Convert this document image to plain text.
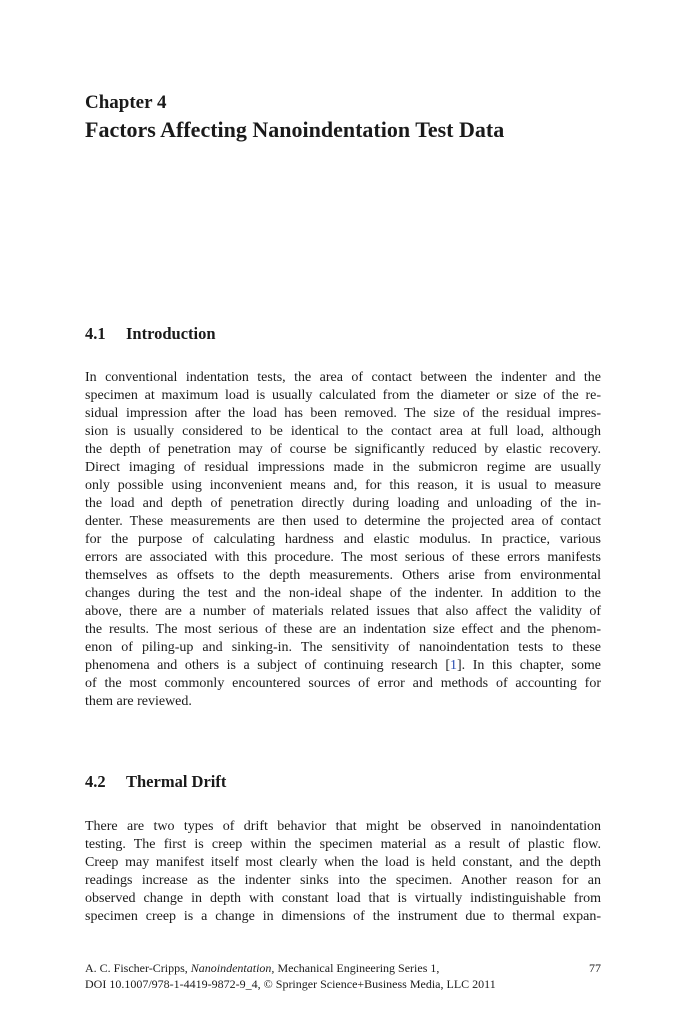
Chapter 4
Factors Affecting Nanoindentation Test Data
4.1 Introduction
In conventional indentation tests, the area of contact between the indenter and the
specimen at maximum load is usually calculated from the diameter or size of the re-
sidual impression after the load has been removed. The size of the residual impres-
sion is usually considered to be identical to the contact area at full load, although
the depth of penetration may of course be significantly reduced by elastic recovery.
Direct imaging of residual impressions made in the submicron regime are usually
only possible using inconvenient means and, for this reason, it is usual to measure
the load and depth of penetration directly during loading and unloading of the in-
denter. These measurements are then used to determine the projected area of contact
for the purpose of calculating hardness and elastic modulus. In practice, various
errors are associated with this procedure. The most serious of these errors manifests
themselves as offsets to the depth measurements. Others arise from environmental
changes during the test and the non-ideal shape of the indenter. In addition to the
above, there are a number of materials related issues that also affect the validity of
the results. The most serious of these are an indentation size effect and the phenom-
enon of piling-up and sinking-in. The sensitivity of nanoindentation tests to these
phenomena and others is a subject of continuing research [1]. In this chapter, some
of the most commonly encountered sources of error and methods of accounting for
them are reviewed.
4.2 Thermal Drift
There are two types of drift behavior that might be observed in nanoindentation
testing. The first is creep within the specimen material as a result of plastic flow.
Creep may manifest itself most clearly when the load is held constant, and the depth
readings increase as the indenter sinks into the specimen. Another reason for an
observed change in depth with constant load that is virtually indistinguishable from
specimen creep is a change in dimensions of the instrument due to thermal expan-
A. C. Fischer-Cripps, Nanoindentation, Mechanical Engineering Series 1,
DOI 10.1007/978-1-4419-9872-9_4, © Springer Science+Business Media, LLC 2011
77
